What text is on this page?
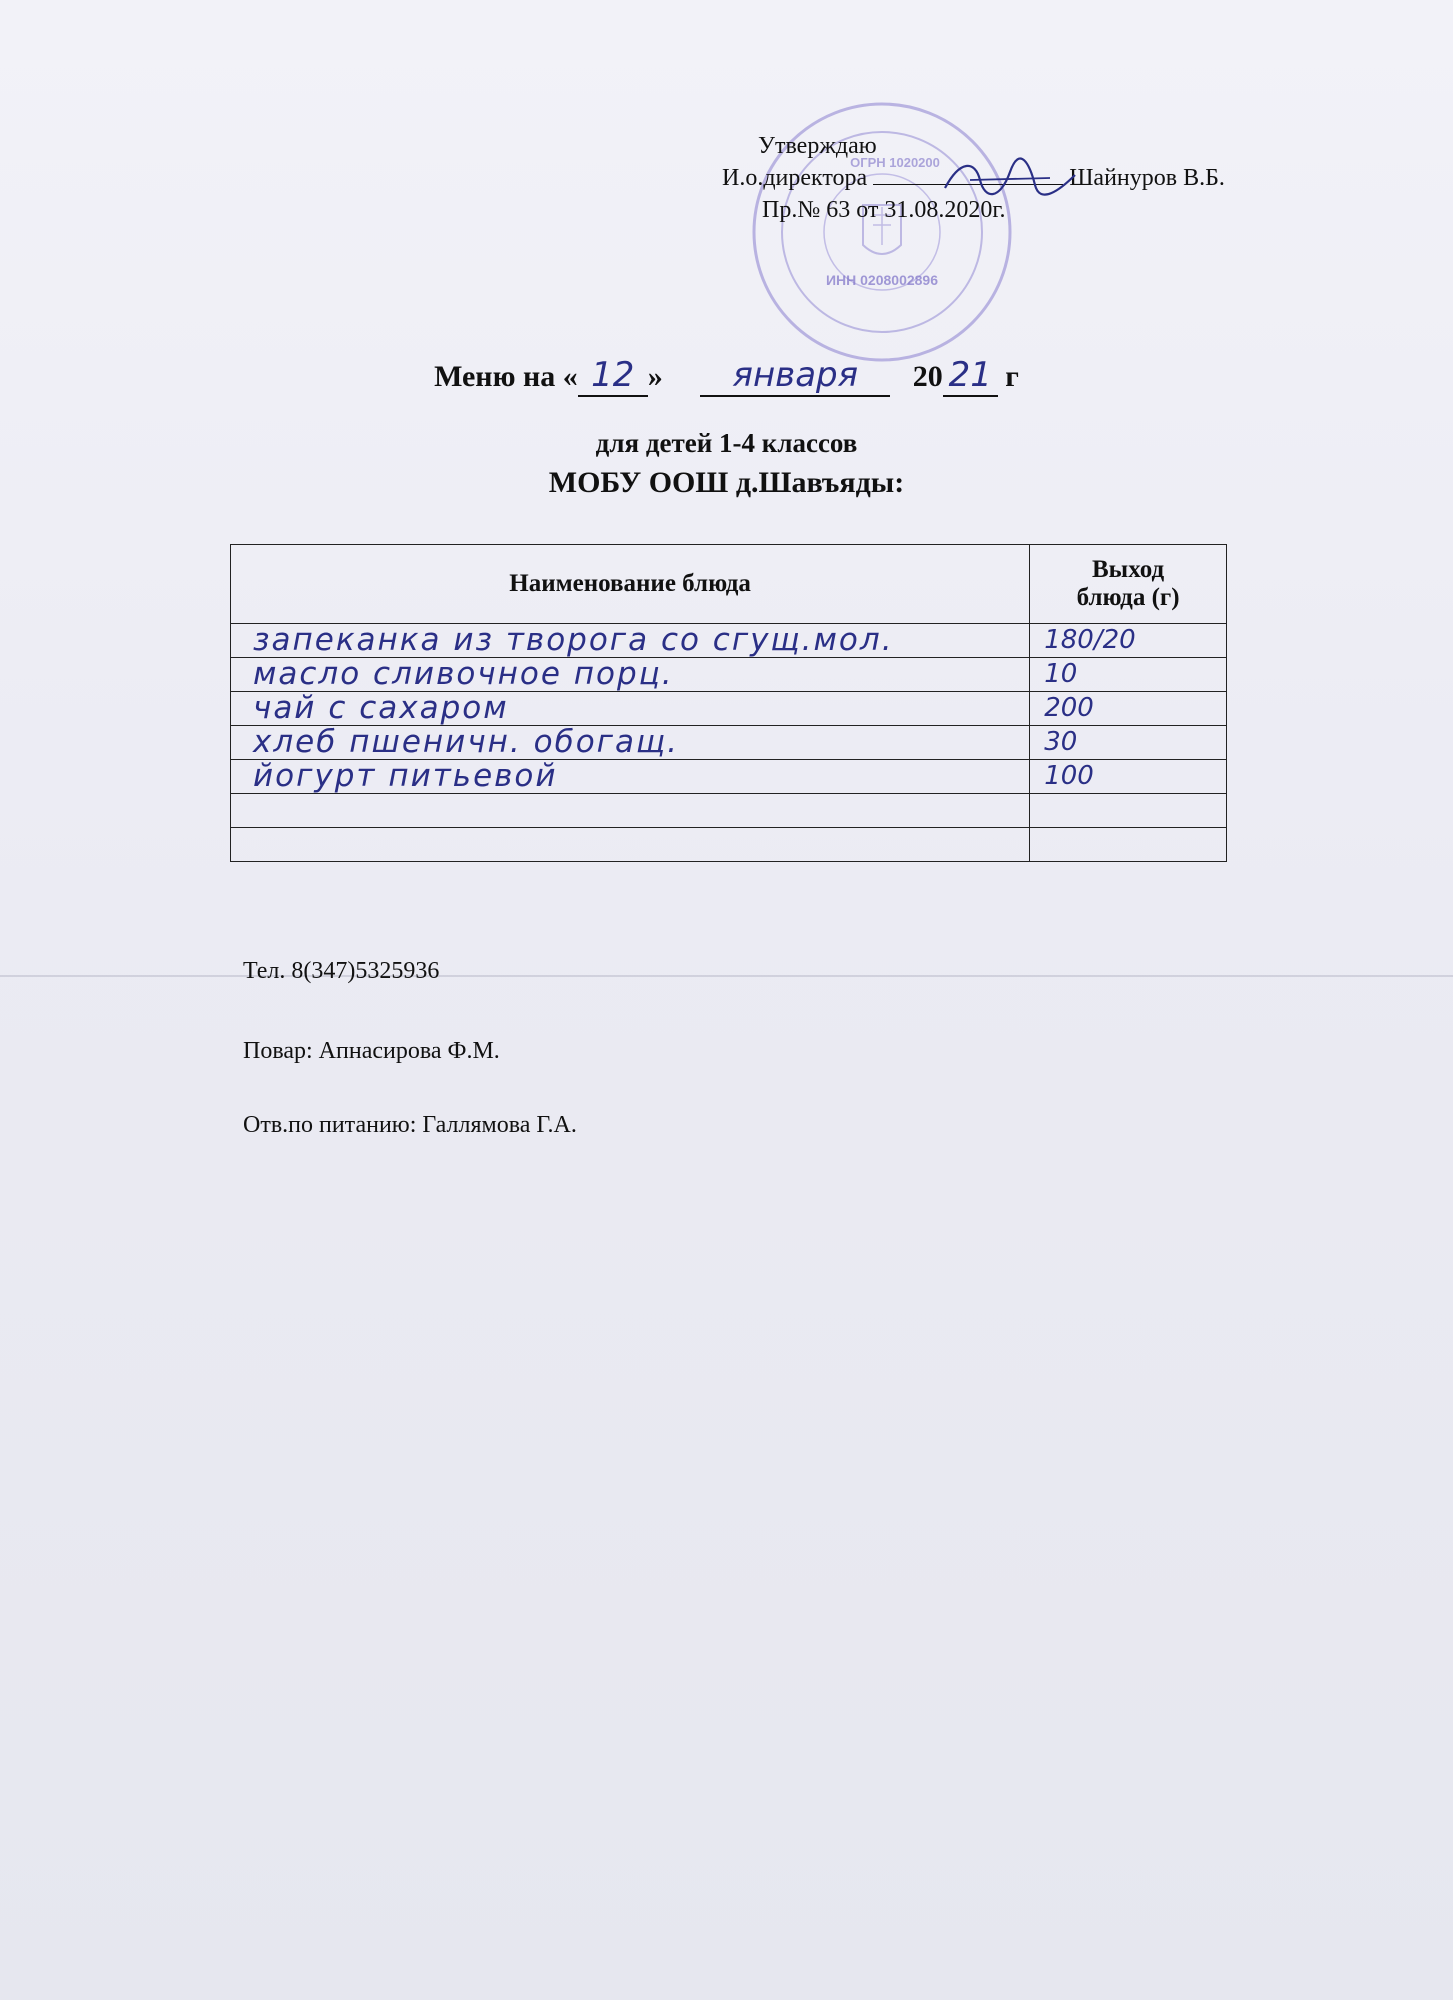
ИНН 0208002896
ОГРН 1020200
Утверждаю
И.о.директора	Шайнуров В.Б.
Пр.№ 63 от 31.08.2020г.
Меню на « 12 » января 20 21 г
для детей 1-4 классов
МОБУ ООШ д.Шавъяды:
Наименование блюда	Выход
блюда (г)
запеканка из творога со сгущ.мол.	180/20
масло сливочное порц.	10
чай с сахаром	200
хлеб пшеничн. обогащ.	30
йогурт питьевой	100

Тел. 8(347)5325936
Повар: Апнасирова Ф.М.
Отв.по питанию: Галлямова Г.А.
